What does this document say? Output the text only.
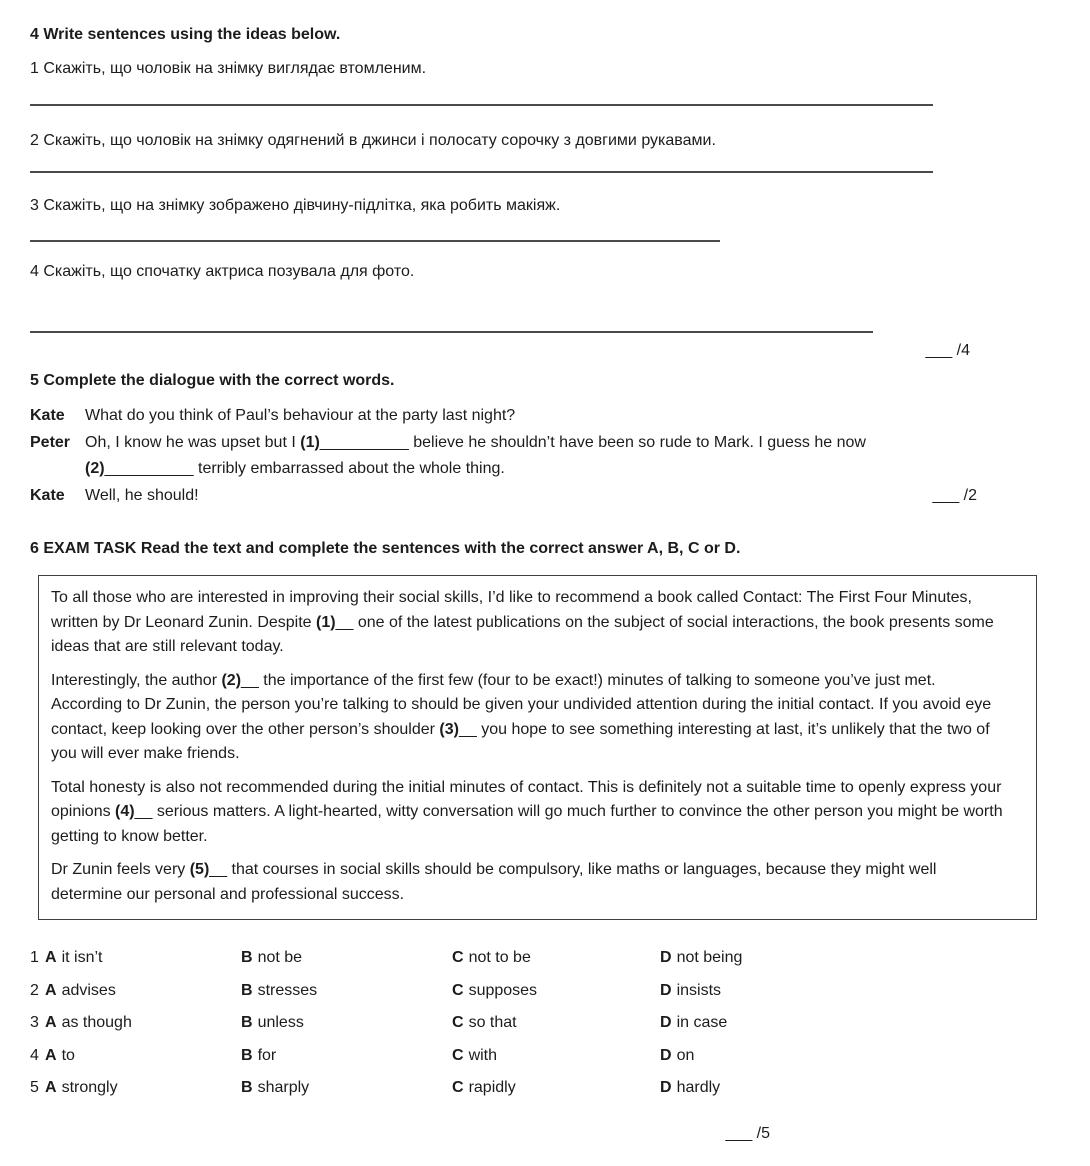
4 Write sentences using the ideas below.

1 Скажіть, що чоловік на знімку виглядає втомленим.

2 Скажіть, що чоловік на знімку одягнений в джинси і полосату сорочку з довгими рукавами.

3 Скажіть, що на знімку зображено дівчину-підлітка, яка робить макіяж.

4 Скажіть, що спочатку актриса позувала для фото.

___ /4
5 Complete the dialogue with the correct words.
Kate	What do you think of Paul’s behaviour at the party last night?
Peter Oh, I know he was upset but I (1)__________ believe he shouldn’t have been so rude to Mark. I guess he now
(2)__________ terribly embarrassed about the whole thing.
Kate	Well, he should!	___ /2
6 EXAM TASK Read the text and complete the sentences with the correct answer A, B, C or D.

To all those who are interested in improving their social skills, I’d like to recommend a book called Contact: The First Four Minutes, written by Dr Leonard Zunin. Despite (1)__ one of the latest publications on the subject of social interactions, the book presents some ideas that are still relevant today.

Interestingly, the author (2)__ the importance of the first few (four to be exact!) minutes of talking to someone you’ve just met. According to Dr Zunin, the person you’re talking to should be given your undivided attention during the initial contact. If you avoid eye contact, keep looking over the other person’s shoulder (3)__ you hope to see something interesting at last, it’s unlikely that the two of you will ever make friends.

Total honesty is also not recommended during the initial minutes of contact. This is definitely not a suitable time to openly express your opinions (4)__ serious matters. A light-hearted, witty conversation will go much further to convince the other person you might be worth getting to know better.

Dr Zunin feels very (5)__ that courses in social skills should be compulsory, like maths or languages, because they might well determine our personal and professional success.

1 A it isn’t	B not be	C not to be	D not being
2 A advises	B stresses	C supposes	D insists
3 A as though	B unless	C so that	D in case
4 A to	B for	C with	D on
5 A strongly	B sharply	C rapidly	D hardly
___ /5
